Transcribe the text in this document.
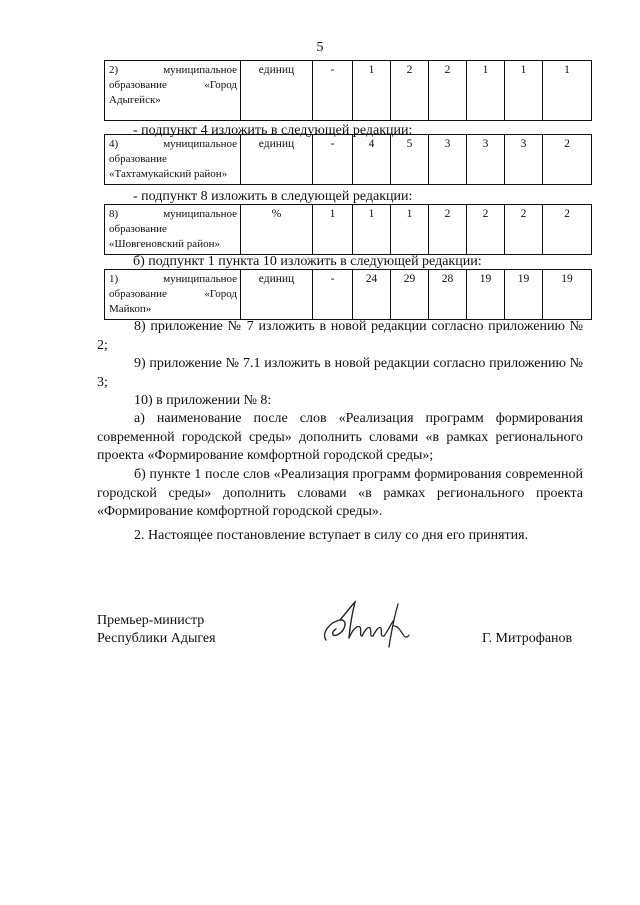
5
2) муниципальное образование «Город Адыгейск»	единиц	-	1	2	2	1	1	1
- подпункт 4 изложить в следующей редакции:
4) муниципальное образование «Тахтамукайский район»	единиц	-	4	5	3	3	3	2
- подпункт 8 изложить в следующей редакции:
8) муниципальное образование «Шовгеновский район»	%	1	1	1	2	2	2	2
б) подпункт 1 пункта 10 изложить в следующей редакции:
1) муниципальное образование «Город Майкоп»	единиц	-	24	29	28	19	19	19
8) приложение № 7 изложить в новой редакции согласно приложению № 2;
9) приложение № 7.1 изложить в новой редакции согласно приложению № 3;
10) в приложении № 8:
а) наименование после слов «Реализация программ формирования современной городской среды» дополнить словами «в рамках регионального проекта «Формирование комфортной городской среды»;
б) пункте 1 после слов «Реализация программ формирования современной городской среды» дополнить словами «в рамках регионального проекта «Формирование комфортной городской среды».
2. Настоящее постановление вступает в силу со дня его принятия.
Премьер-министр
Республики Адыгея	Г. Митрофанов
